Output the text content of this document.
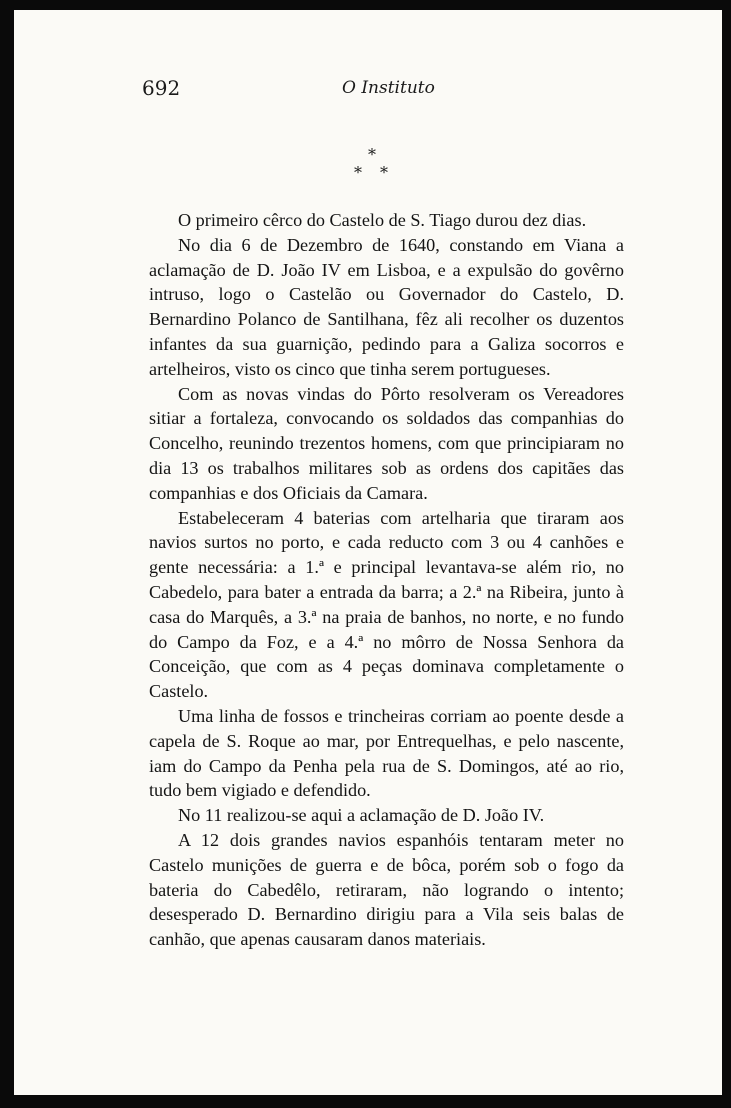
692	O Instituto
*
* *

O primeiro cêrco do Castelo de S. Tiago durou dez dias.

No dia 6 de Dezembro de 1640, constando em Viana a aclamação de D. João IV em Lisboa, e a expulsão do govêrno intruso, logo o Castelão ou Governador do Castelo, D. Bernardino Polanco de Santilhana, fêz ali recolher os duzentos infantes da sua guarnição, pedindo para a Galiza socorros e artelheiros, visto os cinco que tinha serem portugueses.

Com as novas vindas do Pôrto resolveram os Vereadores sitiar a fortaleza, convocando os soldados das companhias do Concelho, reunindo trezentos homens, com que principiaram no dia 13 os trabalhos militares sob as ordens dos capitães das companhias e dos Oficiais da Camara.

Estabeleceram 4 baterias com artelharia que tiraram aos navios surtos no porto, e cada reducto com 3 ou 4 canhões e gente necessária: a 1.ª e principal levantava-se além rio, no Cabedelo, para bater a entrada da barra; a 2.ª na Ribeira, junto à casa do Marquês, a 3.ª na praia de banhos, no norte, e no fundo do Campo da Foz, e a 4.ª no môrro de Nossa Senhora da Conceição, que com as 4 peças dominava completamente o Castelo.

Uma linha de fossos e trincheiras corriam ao poente desde a capela de S. Roque ao mar, por Entrequelhas, e pelo nascente, iam do Campo da Penha pela rua de S. Domingos, até ao rio, tudo bem vigiado e defendido.

No 11 realizou-se aqui a aclamação de D. João IV.

A 12 dois grandes navios espanhóis tentaram meter no Castelo munições de guerra e de bôca, porém sob o fogo da bateria do Cabedêlo, retiraram, não logrando o intento; desesperado D. Bernardino dirigiu para a Vila seis balas de canhão, que apenas causaram danos materiais.
